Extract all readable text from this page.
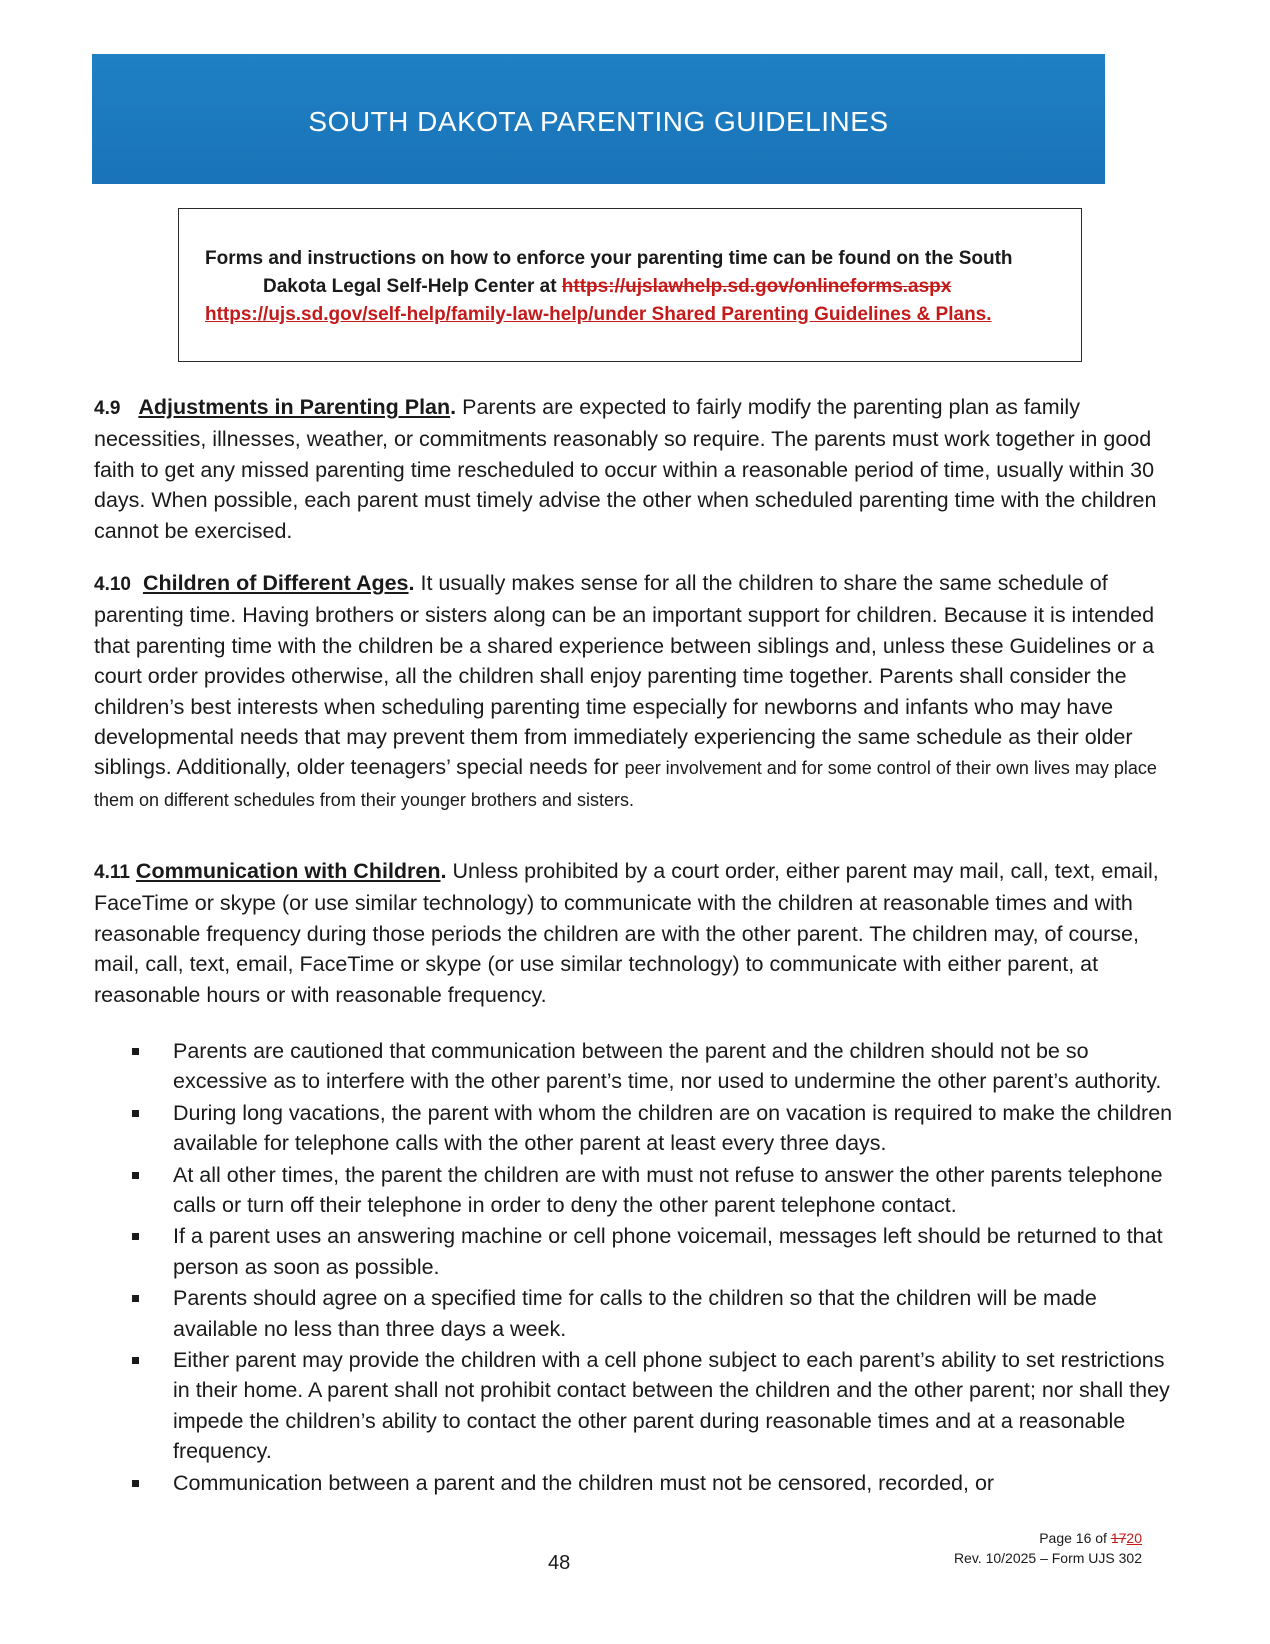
SOUTH DAKOTA PARENTING GUIDELINES
Forms and instructions on how to enforce your parenting time can be found on the South
Dakota Legal Self-Help Center at https://ujslawhelp.sd.gov/onlineforms.aspx
https://ujs.sd.gov/self-help/family-law-help/under Shared Parenting Guidelines & Plans.
4.9 Adjustments in Parenting Plan. Parents are expected to fairly modify the parenting plan as family necessities, illnesses, weather, or commitments reasonably so require. The parents must work together in good faith to get any missed parenting time rescheduled to occur within a reasonable period of time, usually within 30 days. When possible, each parent must timely advise the other when scheduled parenting time with the children cannot be exercised.
4.10 Children of Different Ages. It usually makes sense for all the children to share the same schedule of parenting time. Having brothers or sisters along can be an important support for children. Because it is intended that parenting time with the children be a shared experience between siblings and, unless these Guidelines or a court order provides otherwise, all the children shall enjoy parenting time together. Parents shall consider the children’s best interests when scheduling parenting time especially for newborns and infants who may have developmental needs that may prevent them from immediately experiencing the same schedule as their older siblings. Additionally, older teenagers’ special needs for peer involvement and for some control of their own lives may place them on different schedules from their younger brothers and sisters.
4.11 Communication with Children. Unless prohibited by a court order, either parent may mail, call, text, email, FaceTime or skype (or use similar technology) to communicate with the children at reasonable times and with reasonable frequency during those periods the children are with the other parent. The children may, of course, mail, call, text, email, FaceTime or skype (or use similar technology) to communicate with either parent, at reasonable hours or with reasonable frequency.
Parents are cautioned that communication between the parent and the children should not be so excessive as to interfere with the other parent’s time, nor used to undermine the other parent’s authority.
During long vacations, the parent with whom the children are on vacation is required to make the children available for telephone calls with the other parent at least every three days.
At all other times, the parent the children are with must not refuse to answer the other parents telephone calls or turn off their telephone in order to deny the other parent telephone contact.
If a parent uses an answering machine or cell phone voicemail, messages left should be returned to that person as soon as possible.
Parents should agree on a specified time for calls to the children so that the children will be made available no less than three days a week.
Either parent may provide the children with a cell phone subject to each parent’s ability to set restrictions in their home. A parent shall not prohibit contact between the children and the other parent; nor shall they impede the children’s ability to contact the other parent during reasonable times and at a reasonable frequency.
Communication between a parent and the children must not be censored, recorded, or
48
Page 16 of 1720
Rev. 10/2025 – Form UJS 302
